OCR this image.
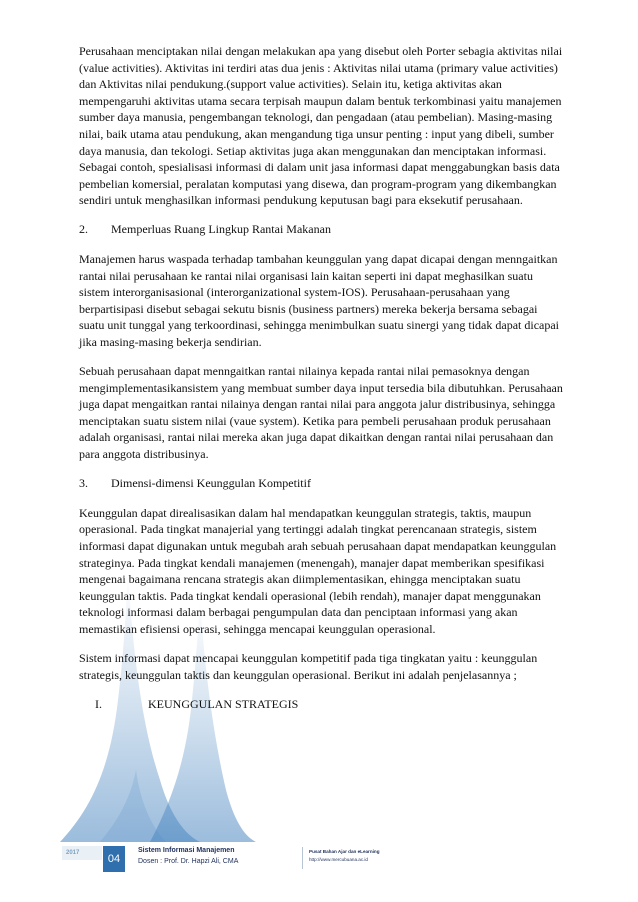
Perusahaan menciptakan nilai dengan melakukan apa yang disebut oleh Porter sebagia aktivitas nilai (value activities). Aktivitas ini terdiri atas dua jenis : Aktivitas nilai utama (primary value activities) dan Aktivitas nilai pendukung.(support value activities). Selain itu, ketiga aktivitas akan mempengaruhi aktivitas utama secara terpisah maupun dalam bentuk terkombinasi yaitu manajemen sumber daya manusia, pengembangan teknologi, dan pengadaan (atau pembelian). Masing-masing nilai, baik utama atau pendukung, akan mengandung tiga unsur penting : input yang dibeli, sumber daya manusia, dan tekologi. Setiap aktivitas juga akan menggunakan dan menciptakan informasi. Sebagai contoh, spesialisasi informasi di dalam unit jasa informasi dapat menggabungkan basis data pembelian komersial, peralatan komputasi yang disewa, dan program-program yang dikembangkan sendiri untuk menghasilkan informasi pendukung keputusan bagi para eksekutif perusahaan.

2. Memperluas Ruang Lingkup Rantai Makanan

Manajemen harus waspada terhadap tambahan keunggulan yang dapat dicapai dengan menngaitkan rantai nilai perusahaan ke rantai nilai organisasi lain kaitan seperti ini dapat meghasilkan suatu sistem interorganisasional (interorganizational system-IOS). Perusahaan-perusahaan yang berpartisipasi disebut sebagai sekutu bisnis (business partners) mereka bekerja bersama sebagai suatu unit tunggal yang terkoordinasi, sehingga menimbulkan suatu sinergi yang tidak dapat dicapai jika masing-masing bekerja sendirian.

Sebuah perusahaan dapat menngaitkan rantai nilainya kepada rantai nilai pemasoknya dengan mengimplementasikansistem yang membuat sumber daya input tersedia bila dibutuhkan. Perusahaan juga dapat mengaitkan rantai nilainya dengan rantai nilai para anggota jalur distribusinya, sehingga menciptakan suatu sistem nilai (vaue system). Ketika para pembeli perusahaan produk perusahaan adalah organisasi, rantai nilai mereka akan juga dapat dikaitkan dengan rantai nilai perusahaan dan para anggota distribusinya.

3. Dimensi-dimensi Keunggulan Kompetitif

Keunggulan dapat direalisasikan dalam hal mendapatkan keunggulan strategis, taktis, maupun operasional. Pada tingkat manajerial yang tertinggi adalah tingkat perencanaan strategis, sistem informasi dapat digunakan untuk megubah arah sebuah perusahaan dapat mendapatkan keunggulan strateginya. Pada tingkat kendali manajemen (menengah), manajer dapat memberikan spesifikasi mengenai bagaimana rencana strategis akan diimplementasikan, ehingga menciptakan suatu keunggulan taktis. Pada tingkat kendali operasional (lebih rendah), manajer dapat menggunakan teknologi informasi dalam berbagai pengumpulan data dan penciptaan informasi yang akan memastikan efisiensi operasi, sehingga mencapai keunggulan operasional.

Sistem informasi dapat mencapai keunggulan kompetitif pada tiga tingkatan yaitu : keunggulan strategis, keunggulan taktis dan keunggulan operasional. Berikut ini adalah penjelasannya ;

I.	KEUNGGULAN STRATEGIS
2017	04
Sistem Informasi Manajemen
Dosen : Prof. Dr. Hapzi Ali, CMA
Pusat Bahan Ajar dan eLearning
http://www.mercubuana.ac.id
